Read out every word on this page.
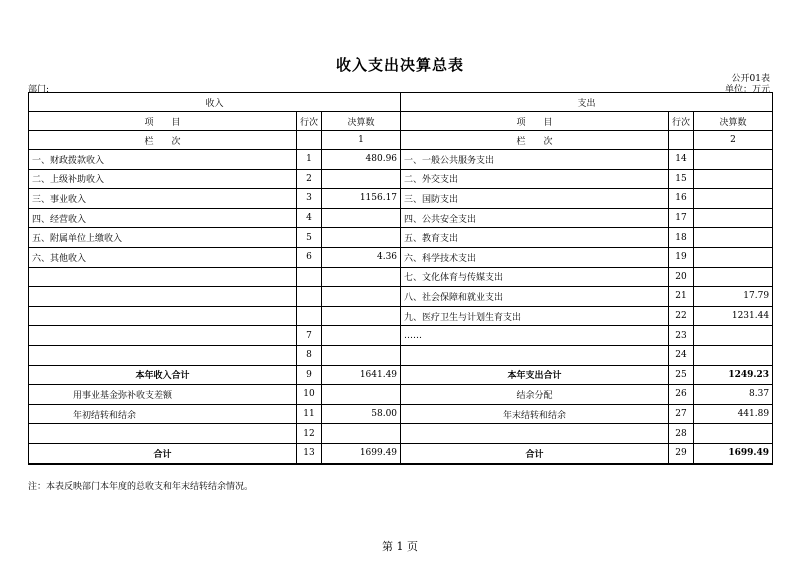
收入支出决算总表
公开01表
部门:	单位：万元
收入			支出		
项　　目	行次	决算数	项　　目	行次	决算数
栏　　次		1	栏　　次		2
一、财政拨款收入	1	480.96	一、一般公共服务支出	14	
二、上级补助收入	2		二、外交支出	15	
三、事业收入	3	1156.17	三、国防支出	16	
四、经营收入	4		四、公共安全支出	17	
五、附属单位上缴收入	5		五、教育支出	18	
六、其他收入	6	4.36	六、科学技术支出	19	
			七、文化体育与传媒支出	20	
			八、社会保障和就业支出	21	17.79
			九、医疗卫生与计划生育支出	22	1231.44
	7		……	23	
	8			24	
本年收入合计	9	1641.49	本年支出合计	25	1249.23
用事业基金弥补收支差额	10		结余分配	26	8.37
年初结转和结余	11	58.00	年末结转和结余	27	441.89
	12			28	
合计	13	1699.49	合计	29	1699.49
注：本表反映部门本年度的总收支和年末结转结余情况。
第 1 页
